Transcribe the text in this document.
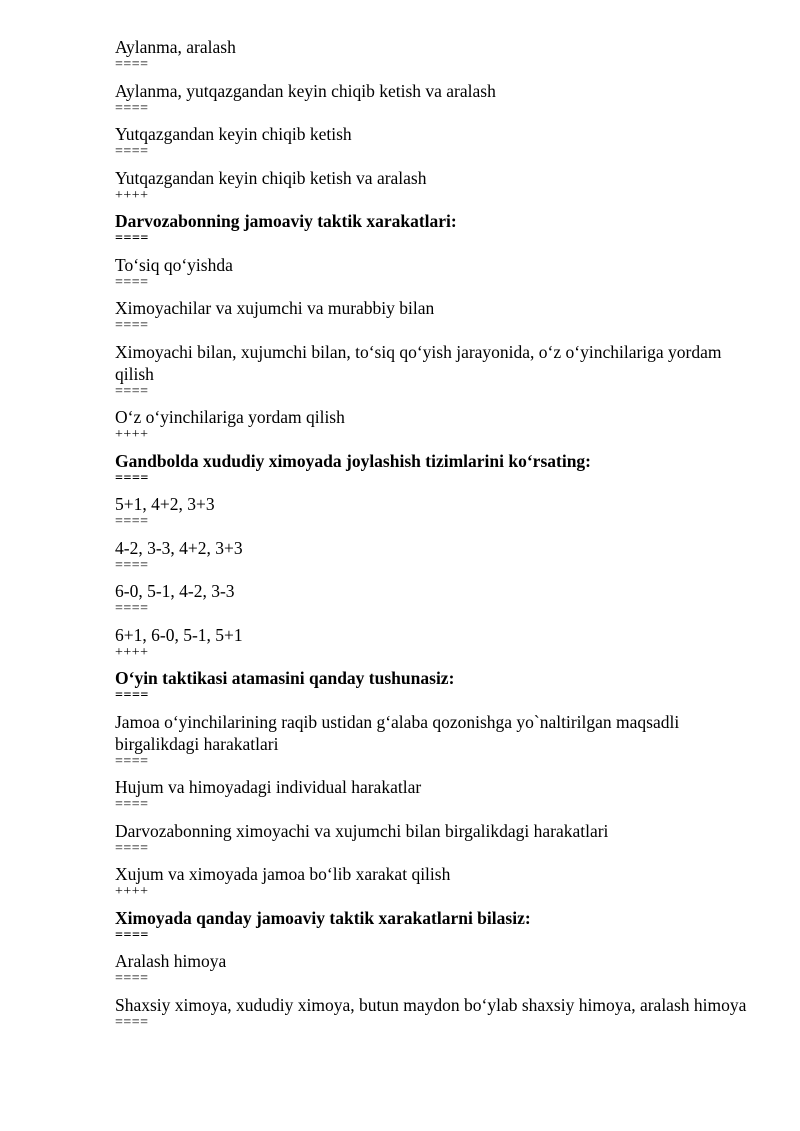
Aylanma, aralash

====

Aylanma, yutqazgandan keyin chiqib ketish va aralash

====

Yutqazgandan keyin chiqib ketish

====

Yutqazgandan keyin chiqib ketish va aralash

++++

Darvozabonning jamoaviy taktik xarakatlari:

====

To‘siq qo‘yishda

====

Ximoyachilar va xujumchi va murabbiy bilan

====

Ximoyachi bilan, xujumchi bilan, to‘siq qo‘yish jarayonida, o‘z o‘yinchilariga yordam qilish

====

O‘z o‘yinchilariga yordam qilish

++++

Gandbolda xududiy ximoyada joylashish tizimlarini ko‘rsating:

====

5+1, 4+2, 3+3

====

4-2, 3-3, 4+2, 3+3

====

6-0, 5-1, 4-2, 3-3

====

6+1, 6-0, 5-1, 5+1

++++

O‘yin taktikasi atamasini qanday tushunasiz:

====

Jamoa o‘yinchilarining raqib ustidan g‘alaba qozonishga yo`naltirilgan maqsadli birgalikdagi harakatlari

====

Hujum va himoyadagi individual harakatlar

====

Darvozabonning ximoyachi va xujumchi bilan birgalikdagi harakatlari

====

Xujum va ximoyada jamoa bo‘lib xarakat qilish

++++

Ximoyada qanday jamoaviy taktik xarakatlarni bilasiz:

====

Aralash himoya

====

Shaxsiy ximoya, xududiy ximoya, butun maydon bo‘ylab shaxsiy himoya, aralash himoya

====
